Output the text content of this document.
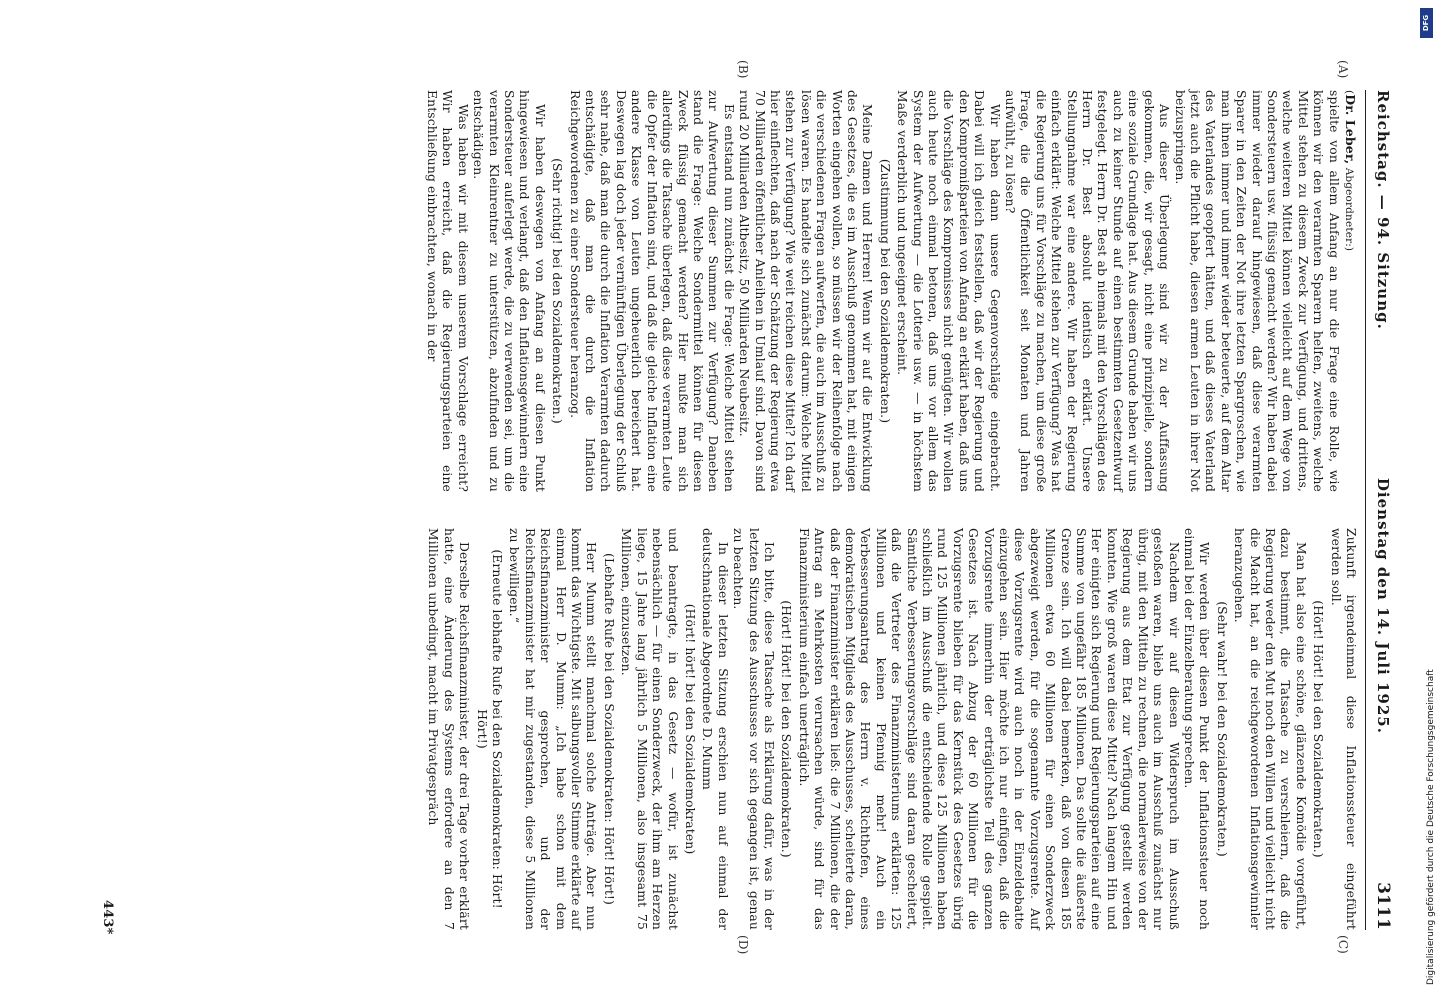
Reichstag. — 94. Sitzung.
Dienstag den 14. Juli 1925.
3111

(Dr. Leber, Abgeordneter:)

spielte von allem Anfang an nur die Frage eine Rolle, wie können wir den verarmten Sparern helfen, zweitens, welche Mittel stehen zu diesem Zweck zur Verfügung, und drittens, welche weiteren Mittel können vielleicht auf dem Wege von Sondersteuern usw. flüssig gemacht werden? Wir haben dabei immer wieder darauf hingewiesen, daß diese verarmten Sparer in den Zeiten der Not ihre letzten Spargroschen, wie man ihnen immer und immer wieder beteuerte, auf dem Altar des Vaterlandes geopfert hätten, und daß dieses Vaterland jetzt auch die Pflicht habe, diesen armen Leuten in ihrer Not beizuspringen.

Aus dieser Überlegung sind wir zu der Auffassung gekommen, die, wir gesagt, nicht eine prinzipielle, sondern eine soziale Grundlage hat. Aus diesem Grunde haben wir uns auch zu keiner Stunde auf einen bestimmten Gesetzentwurf festgelegt. Herrn Dr. Best ab niemals mit den Vorschlägen des Herrn Dr. Best absolut identisch erklärt. Unsere Stellungnahme war eine andere. Wir haben der Regierung einfach erklärt: Welche Mittel stehen zur Verfügung? Was hat die Regierung uns für Vorschläge zu machen, um diese große Frage, die die Öffentlichkeit seit Monaten und Jahren aufwühlt, zu lösen?

Wir haben dann unsere Gegenvorschläge eingebracht. Dabei will ich gleich feststellen, daß wir der Regierung und den Kompromißparteien von Anfang an erklärt haben, daß uns die Vorschläge des Kompromisses nicht genügten. Wir wollen auch heute noch einmal betonen, daß uns vor allem das System der Aufwertung — die Lotterie usw. — in höchstem Maße verderblich und ungeeignet erscheint.

(Zustimmung bei den Sozialdemokraten.)

Meine Damen und Herren! Wenn wir auf die Entwicklung des Gesetzes, die es im Ausschuß genommen hat, mit einigen Worten eingehen wollen, so müssen wir der Reihenfolge nach die verschiedenen Fragen aufwerfen, die auch im Ausschuß zu lösen waren. Es handelte sich zunächst darum: Welche Mittel stehen zur Verfügung? Wie weit reichen diese Mittel? Ich darf hier einflechten, daß nach der Schätzung der Regierung etwa 70 Milliarden öffentlicher Anleihen in Umlauf sind. Davon sind rund 20 Milliarden Altbesitz, 50 Milliarden Neubesitz.

Es entstand nun zunächst die Frage: Welche Mittel stehen zur Aufwertung dieser Summen zur Verfügung? Daneben stand die Frage: Welche Sondermittel können für diesen Zweck flüssig gemacht werden? Hier mußte man sich allerdings die Tatsache überlegen, daß diese verarmten Leute die Opfer der Inflation sind, und daß die gleiche Inflation eine andere Klasse von Leuten ungeheuerlich bereichert hat. Deswegen lag doch jeder vernünftigen Überlegung der Schluß sehr nahe, daß man die durch die Inflation Verarmten dadurch entschädigte, daß man die durch die Inflation Reichgewordenen zu einer Sondersteuer heranzog.

(Sehr richtig! bei den Sozialdemokraten.)

Wir haben deswegen von Anfang an auf diesen Punkt hingewiesen und verlangt, daß den Inflationsgewinnlern eine Sondersteuer auferlegt werde, die zu verwenden sei, um die verarmten Kleinrentner zu unterstützen, abzufinden und zu entschädigen.

Was haben wir mit diesem unserem Vorschlage erreicht? Wir haben erreicht, daß die Regierungsparteien eine Entschließung einbrachten, wonach in der

Zukunft irgendeinmal diese Inflationssteuer eingeführt werden soll.

(Hört! Hört! bei den Sozialdemokraten.)

Man hat also eine schöne, glänzende Komödie vorgeführt, dazu bestimmt, die Tatsache zu verschleiern, daß die Regierung weder den Mut noch den Willen und vielleicht nicht die Macht hat, an die reichgewordenen Inflationsgewinnler heranzugehen.

(Sehr wahr! bei den Sozialdemokraten.)

Wir werden über diesen Punkt der Inflationssteuer noch einmal bei der Einzelberatung sprechen.

Nachdem wir auf diesen Widerspruch im Ausschuß gestoßen waren, blieb uns auch im Ausschuß zunächst nur übrig, mit den Mitteln zu rechnen, die normalerweise von der Regierung aus dem Etat zur Verfügung gestellt werden konnten. Wie groß waren diese Mittel? Nach langem Hin und Her einigten sich Regierung und Regierungsparteien auf eine Summe von ungefähr 185 Millionen. Das sollte die äußerste Grenze sein. Ich will dabei bemerken, daß von diesen 185 Millionen etwa 60 Millionen für einen Sonderzweck abgezweigt werden, für die sogenannte Vorzugsrente. Auf diese Vorzugsrente wird auch noch in der Einzeldebatte einzugehen sein. Hier möchte ich nur einfügen, daß die Vorzugsrente immerhin der erträglichste Teil des ganzen Gesetzes ist. Nach Abzug der 60 Millionen für die Vorzugsrente blieben für das Kernstück des Gesetzes übrig rund 125 Millionen jährlich, und diese 125 Millionen haben schließlich im Ausschuß die entscheidende Rolle gespielt. Sämtliche Verbesserungsvorschläge sind daran gescheitert, daß die Vertreter des Finanzministeriums erklärten: 125 Millionen und keinen Pfennig mehr! Auch ein Verbesserungsantrag des Herrn v. Richthofen, eines demokratischen Mitglieds des Ausschusses, scheiterte daran, daß der Finanzminister erklären ließ: die 7 Millionen, die der Antrag an Mehrkosten verursachen würde, sind für das Finanzministerium einfach unerträglich.

(Hört! Hört! bei den Sozialdemokraten.)

Ich bitte, diese Tatsache als Erklärung dafür, was in der letzten Sitzung des Ausschusses vor sich gegangen ist, genau zu beachten.

In dieser letzten Sitzung erschien nun auf einmal der deutschnationale Abgeordnete D. Mumm

(Hört! hört! bei den Sozialdemokraten)

und beantragte, in das Gesetz — wofür, ist zunächst nebensächlich — für einen Sonderzweck, der ihm am Herzen liege, 15 Jahre lang jährlich 5 Millionen, also insgesamt 75 Millionen, einzusetzen.

(Lebhafte Rufe bei den Sozialdemokraten: Hört! Hört!)

Herr Mumm stellt manchmal solche Anträge. Aber nun kommt das Wichtigste. Mit salbungsvoller Stimme erklärte auf einmal Herr D. Mumm: „Ich habe schon mit dem Reichsfinanzminister gesprochen, und der Reichsfinanzminister hat mir zugestanden, diese 5 Millionen zu bewilligen.“

(Erneute lebhafte Rufe bei den Sozialdemokraten: Hört! Hört!)

Derselbe Reichsfinanzminister, der drei Tage vorher erklärt hatte, eine Änderung des Systems erfordere an den 7 Millionen unbedingt, macht im Privatgespräch

(A)
(B)
(C)
(D)
443*
DFG
Digitalisierung gefördert durch die Deutsche Forschungsgemeinschaft
